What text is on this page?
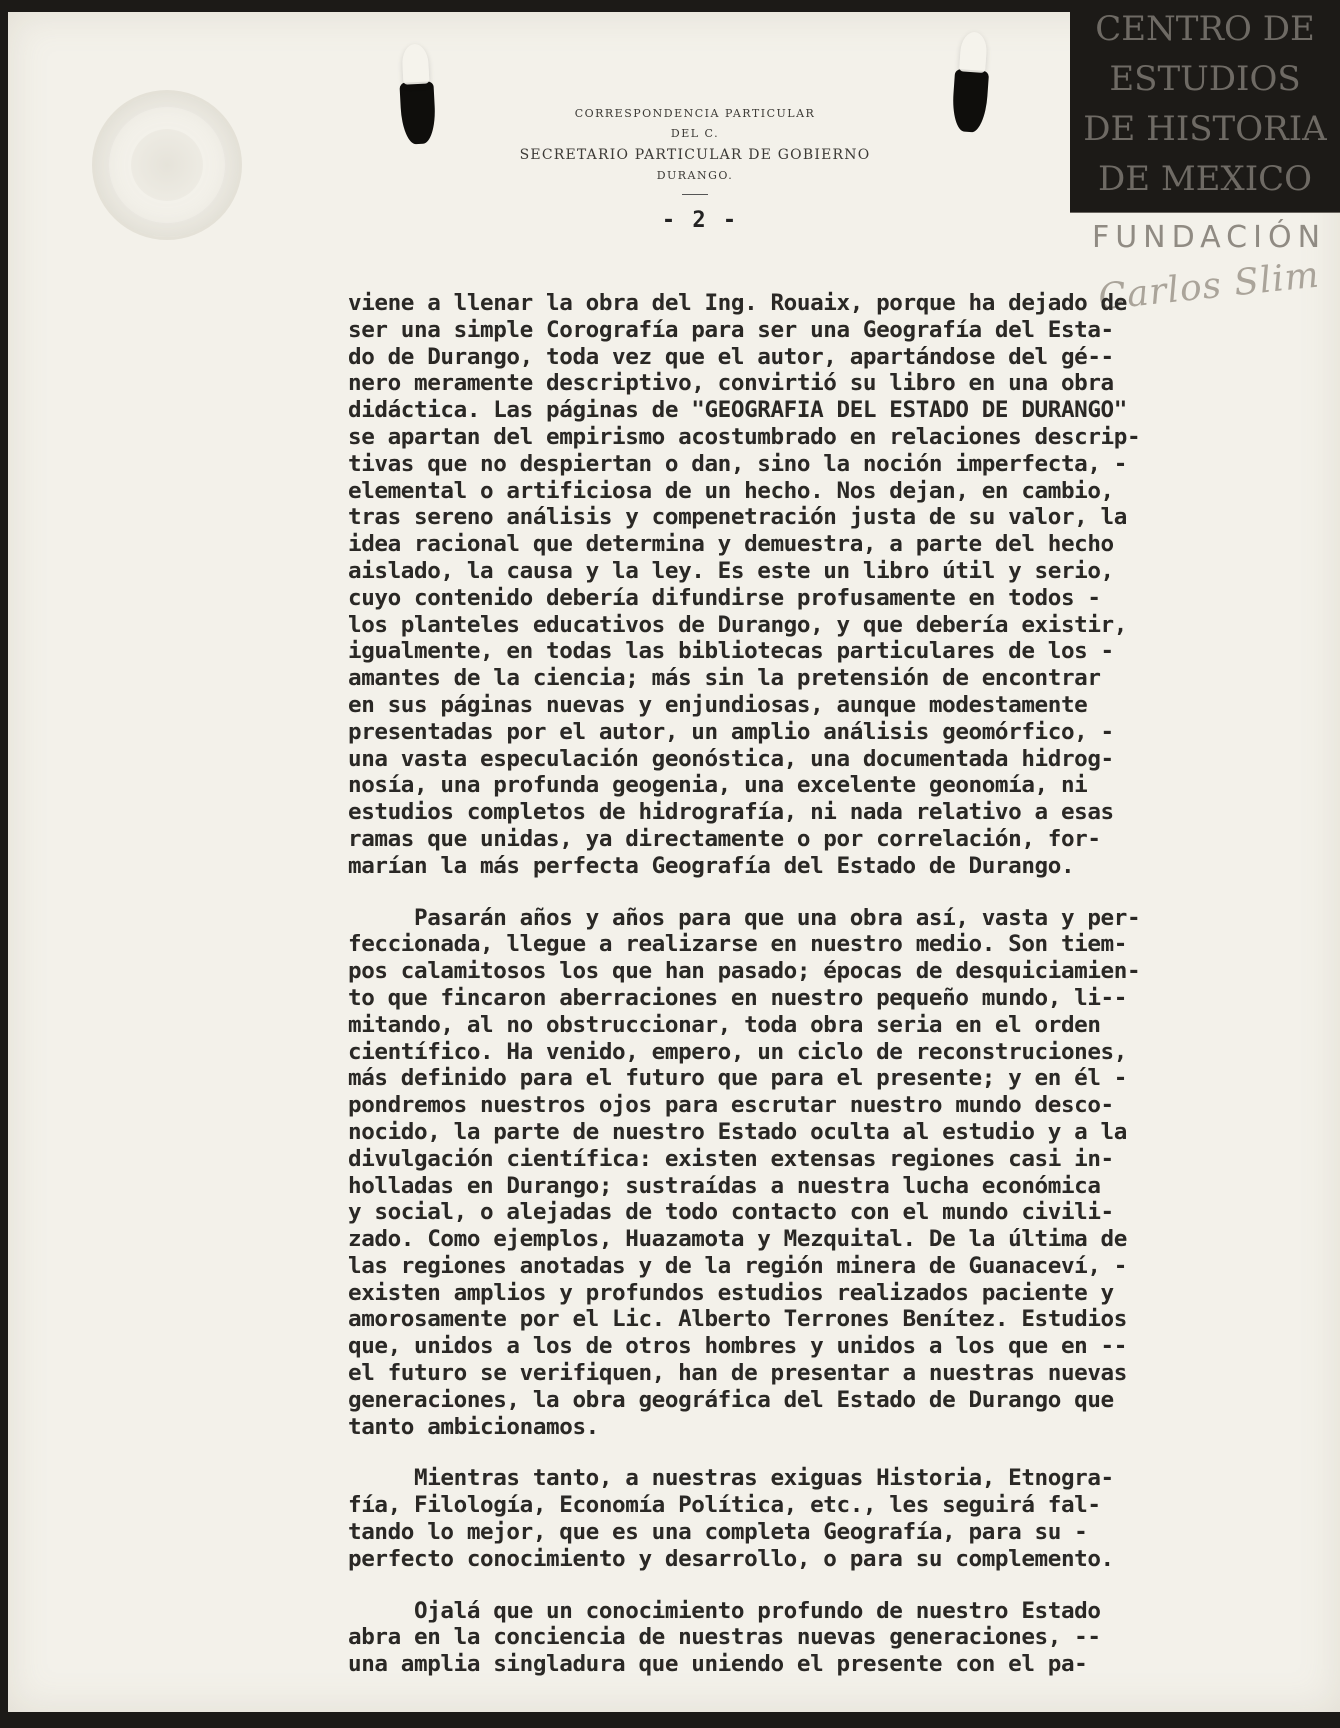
CORRESPONDENCIA PARTICULAR
DEL C.
SECRETARIO PARTICULAR DE GOBIERNO
DURANGO.
- 2 -
CENTRO DE
ESTUDIOS
DE HISTORIA
DE MEXICO
FUNDACIÓN
Carlos Slim
viene a llenar la obra del Ing. Rouaix, porque ha dejado de
ser una simple Corografía para ser una Geografía del Esta-
do de Durango, toda vez que el autor, apartándose del gé--
nero meramente descriptivo, convirtió su libro en una obra
didáctica. Las páginas de "GEOGRAFIA DEL ESTADO DE DURANGO"
se apartan del empirismo acostumbrado en relaciones descrip-
tivas que no despiertan o dan, sino la noción imperfecta, -
elemental o artificiosa de un hecho. Nos dejan, en cambio,
tras sereno análisis y compenetración justa de su valor, la
idea racional que determina y demuestra, a parte del hecho
aislado, la causa y la ley. Es este un libro útil y serio,
cuyo contenido debería difundirse profusamente en todos -
los planteles educativos de Durango, y que debería existir,
igualmente, en todas las bibliotecas particulares de los -
amantes de la ciencia; más sin la pretensión de encontrar
en sus páginas nuevas y enjundiosas, aunque modestamente
presentadas por el autor, un amplio análisis geomórfico, -
una vasta especulación geonóstica, una documentada hidrog-
nosía, una profunda geogenia, una excelente geonomía, ni
estudios completos de hidrografía, ni nada relativo a esas
ramas que unidas, ya directamente o por correlación, for-
marían la más perfecta Geografía del Estado de Durango.
Pasarán años y años para que una obra así, vasta y per-
feccionada, llegue a realizarse en nuestro medio. Son tiem-
pos calamitosos los que han pasado; épocas de desquiciamien-
to que fincaron aberraciones en nuestro pequeño mundo, li--
mitando, al no obstruccionar, toda obra seria en el orden
científico. Ha venido, empero, un ciclo de reconstruciones,
más definido para el futuro que para el presente; y en él -
pondremos nuestros ojos para escrutar nuestro mundo desco-
nocido, la parte de nuestro Estado oculta al estudio y a la
divulgación científica: existen extensas regiones casi in-
holladas en Durango; sustraídas a nuestra lucha económica
y social, o alejadas de todo contacto con el mundo civili-
zado. Como ejemplos, Huazamota y Mezquital. De la última de
las regiones anotadas y de la región minera de Guanaceví, -
existen amplios y profundos estudios realizados paciente y
amorosamente por el Lic. Alberto Terrones Benítez. Estudios
que, unidos a los de otros hombres y unidos a los que en --
el futuro se verifiquen, han de presentar a nuestras nuevas
generaciones, la obra geográfica del Estado de Durango que
tanto ambicionamos.
Mientras tanto, a nuestras exiguas Historia, Etnogra-
fía, Filología, Economía Política, etc., les seguirá fal-
tando lo mejor, que es una completa Geografía, para su -
perfecto conocimiento y desarrollo, o para su complemento.
Ojalá que un conocimiento profundo de nuestro Estado
abra en la conciencia de nuestras nuevas generaciones, --
una amplia singladura que uniendo el presente con el pa-
